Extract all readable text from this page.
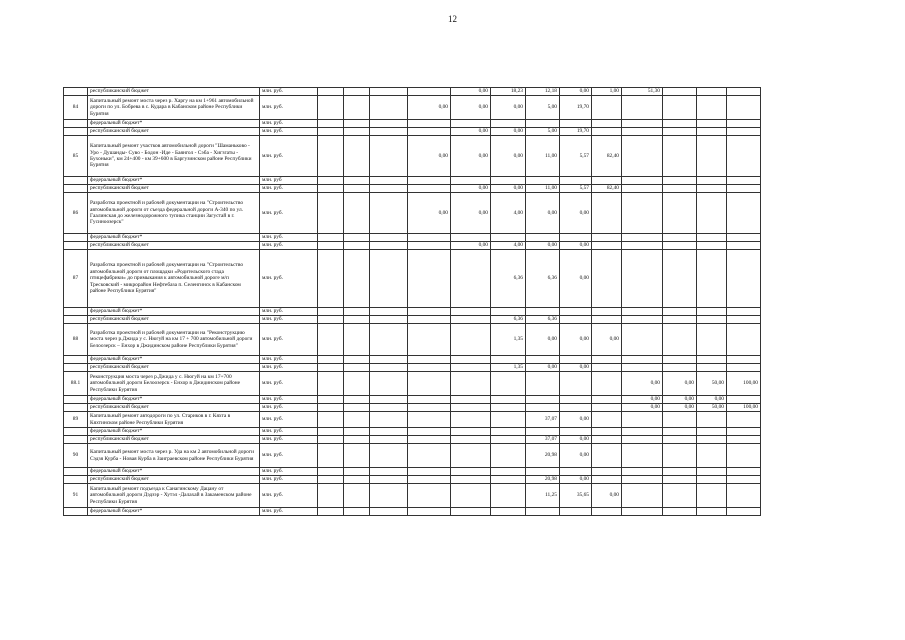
12
	республиканский бюджет	млн. руб.					0,00	18,23	12,18	0,00	1,00	51,30			
84	Капитальный ремонт моста через р. Харгу на км 1+961 автомобильной дороги по ул. Бобрева в с. Кудара в Кабанском районе Республики Бурятия	млн. руб.				0,00	0,00	0,00	5,00	19,70					
	федеральный бюджет*	млн. руб.													
	республиканский бюджет	млн. руб.					0,00	0,00	5,00	19,70					
85	Капитальный ремонт участков автомобильной дороги "Шаманьково - Уро - Душанды- Суво - Бодон -Иде - Баянгол - Сэба - Хигзгаты - Бухоньки", км 24+400 - км 39+600 в Баргузинском районе Республики Бурятия	млн. руб.				0,00	0,00	0,00	11,00	5,57	82,40				
	федеральный бюджет*	млн. руб													
	республиканский бюджет	млн. руб.					0,00	0,00	11,00	5,57	82,40				
86	Разработка проектной и рабочей документации на "Строительство автомобильной дороги от съезда федеральной дороги А-340 по ул. Гаалинская до железнодорожного тупика станции Загустай в г. Гусиноозерск"	млн. руб.				0,00	0,00	4,00	0,00	0,00					
	федеральный бюджет*	млн. руб.													
	республиканский бюджет	млн. руб.					0,00	4,00	0,00	0,00					
87	Разработка проектной и рабочей документации на "Строительство автомобильной дороги от площадки «Родительского стада птицефабрики» до примыкания к автомобильной дороге м/п Тресковский - микрорайон Нефтебаза п. Селенгинск в Кабанском районе Республики Бурятия"	млн. руб.						6,36	6,36	0,00					
	федеральный бюджет*	млн. руб.													
	республиканский бюджет	млн. руб.						6,36	6,36						
88	Разработка проектной и рабочей документации на "Реконструкцию моста через р.Джида у с. Нюгуй на км 17 + 700 автомобильной дороги Белоозерск – Енхор в Джидинском районе Республики Бурятия"	млн. руб.						1,35	0,00	0,00	0,00				
	федеральный бюджет*	млн. руб.													
	республиканский бюджет	млн. руб.						1,35	0,00	0,00					
88.1	Реконструкция моста через р.Джида у с. Нюгуй на км 17+700 автомобильной дороги Белоозерск - Енхор в Джидинском районе Республики Бурятия	млн. руб.										0,00	0,00	50,00	100,00
	федеральный бюджет*	млн. руб.										0,00	0,00	0,00	
	республиканский бюджет	млн. руб.										0,00	0,00	50,00	100,00
89	Капитальный ремонт автодороги по ул. Стариков в г. Кяхта в Кяхтинском районе Республики Бурятия	млн. руб.							37,07	0,00					
	федеральный бюджет*	млн. руб.													
	республиканский бюджет	млн. руб.							37,07	0,00					
90	Капитальный ремонт моста через р. Уда на км 2 автомобильной дороги Сэдзя Курба - Новая Курба в Заиграевском районе Республики Бурятия	млн. руб.							20,98	0,00					
	федеральный бюджет*	млн. руб.													
	республиканский бюджет	млн. руб.							20,98	0,00					
91	Капитальный ремонт подъезда к Санагинскому Дацану от автомобильной дороги Дэдзэр - Хутэл -Далахай в Закаменском районе Республики Бурятия	млн. руб.							11,25	35,65	0,00				
	федеральный бюджет*	млн. руб.													
